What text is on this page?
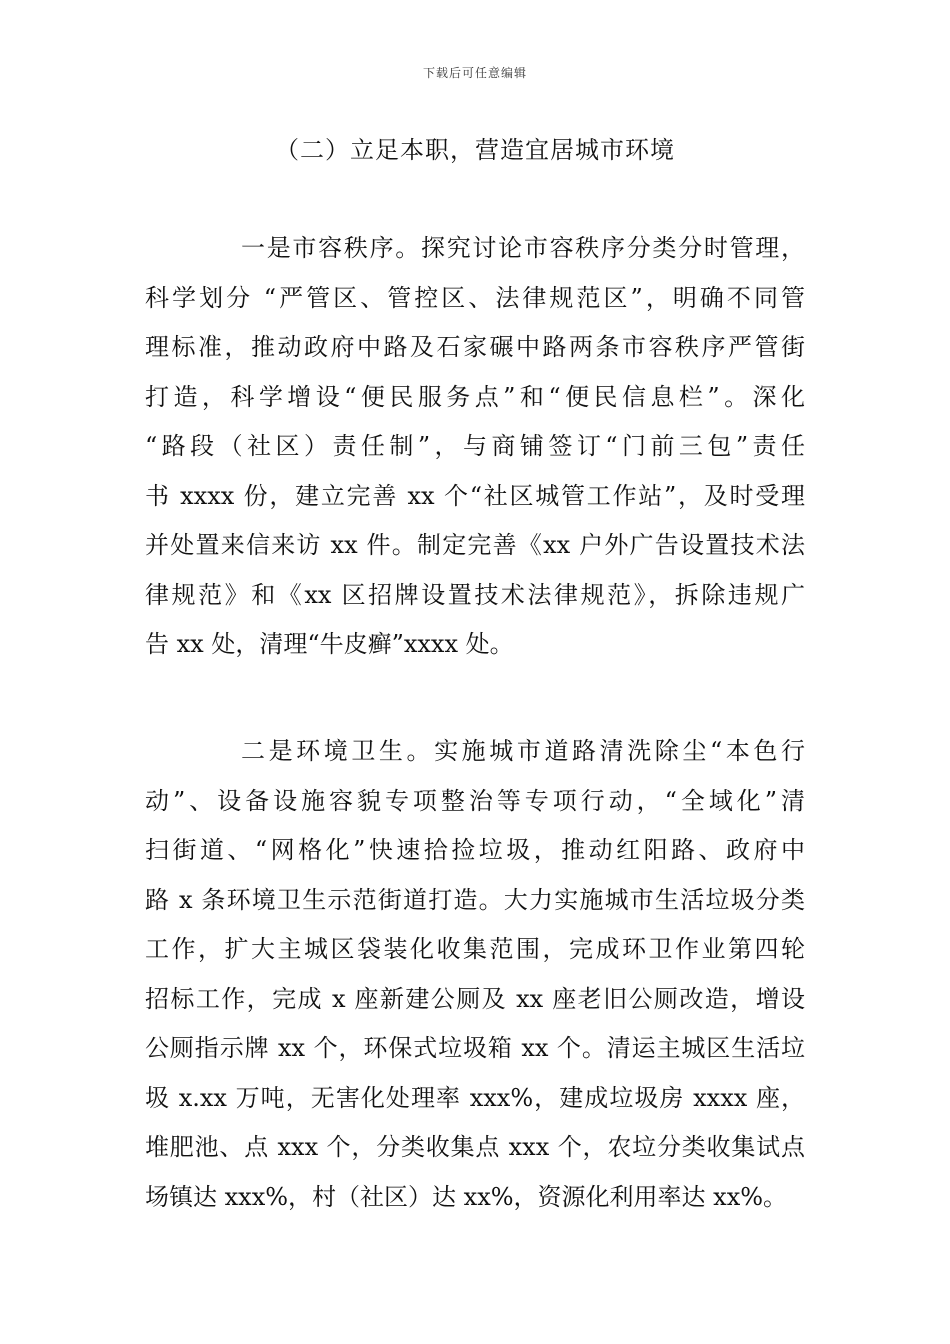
下载后可任意编辑
（二）立足本职，营造宜居城市环境
一是市容秩序。探究讨论市容秩序分类分时管理，
科学划分 “严管区、管控区、法律规范区”，明确不同管
理标准，推动政府中路及石家碾中路两条市容秩序严管街
打造，科学增设“便民服务点”和“便民信息栏”。深化
“路段（社区）责任制”，与商铺签订“门前三包”责任
书 xxxx 份，建立完善 xx 个“社区城管工作站”，及时受理
并处置来信来访 xx 件。制定完善《xx 户外广告设置技术法
律规范》和《xx 区招牌设置技术法律规范》，拆除违规广
告 xx 处，清理“牛皮癣”xxxx 处。
二是环境卫生。实施城市道路清洗除尘“本色行
动”、设备设施容貌专项整治等专项行动，“全域化”清
扫街道、“网格化”快速拾捡垃圾，推动红阳路、政府中
路 x 条环境卫生示范街道打造。大力实施城市生活垃圾分类
工作，扩大主城区袋装化收集范围，完成环卫作业第四轮
招标工作，完成 x 座新建公厕及 xx 座老旧公厕改造，增设
公厕指示牌 xx 个，环保式垃圾箱 xx 个。清运主城区生活垃
圾 x.xx 万吨，无害化处理率 xxx%，建成垃圾房 xxxx 座，
堆肥池、点 xxx 个，分类收集点 xxx 个，农垃分类收集试点
场镇达 xxx%，村（社区）达 xx%，资源化利用率达 xx%。
